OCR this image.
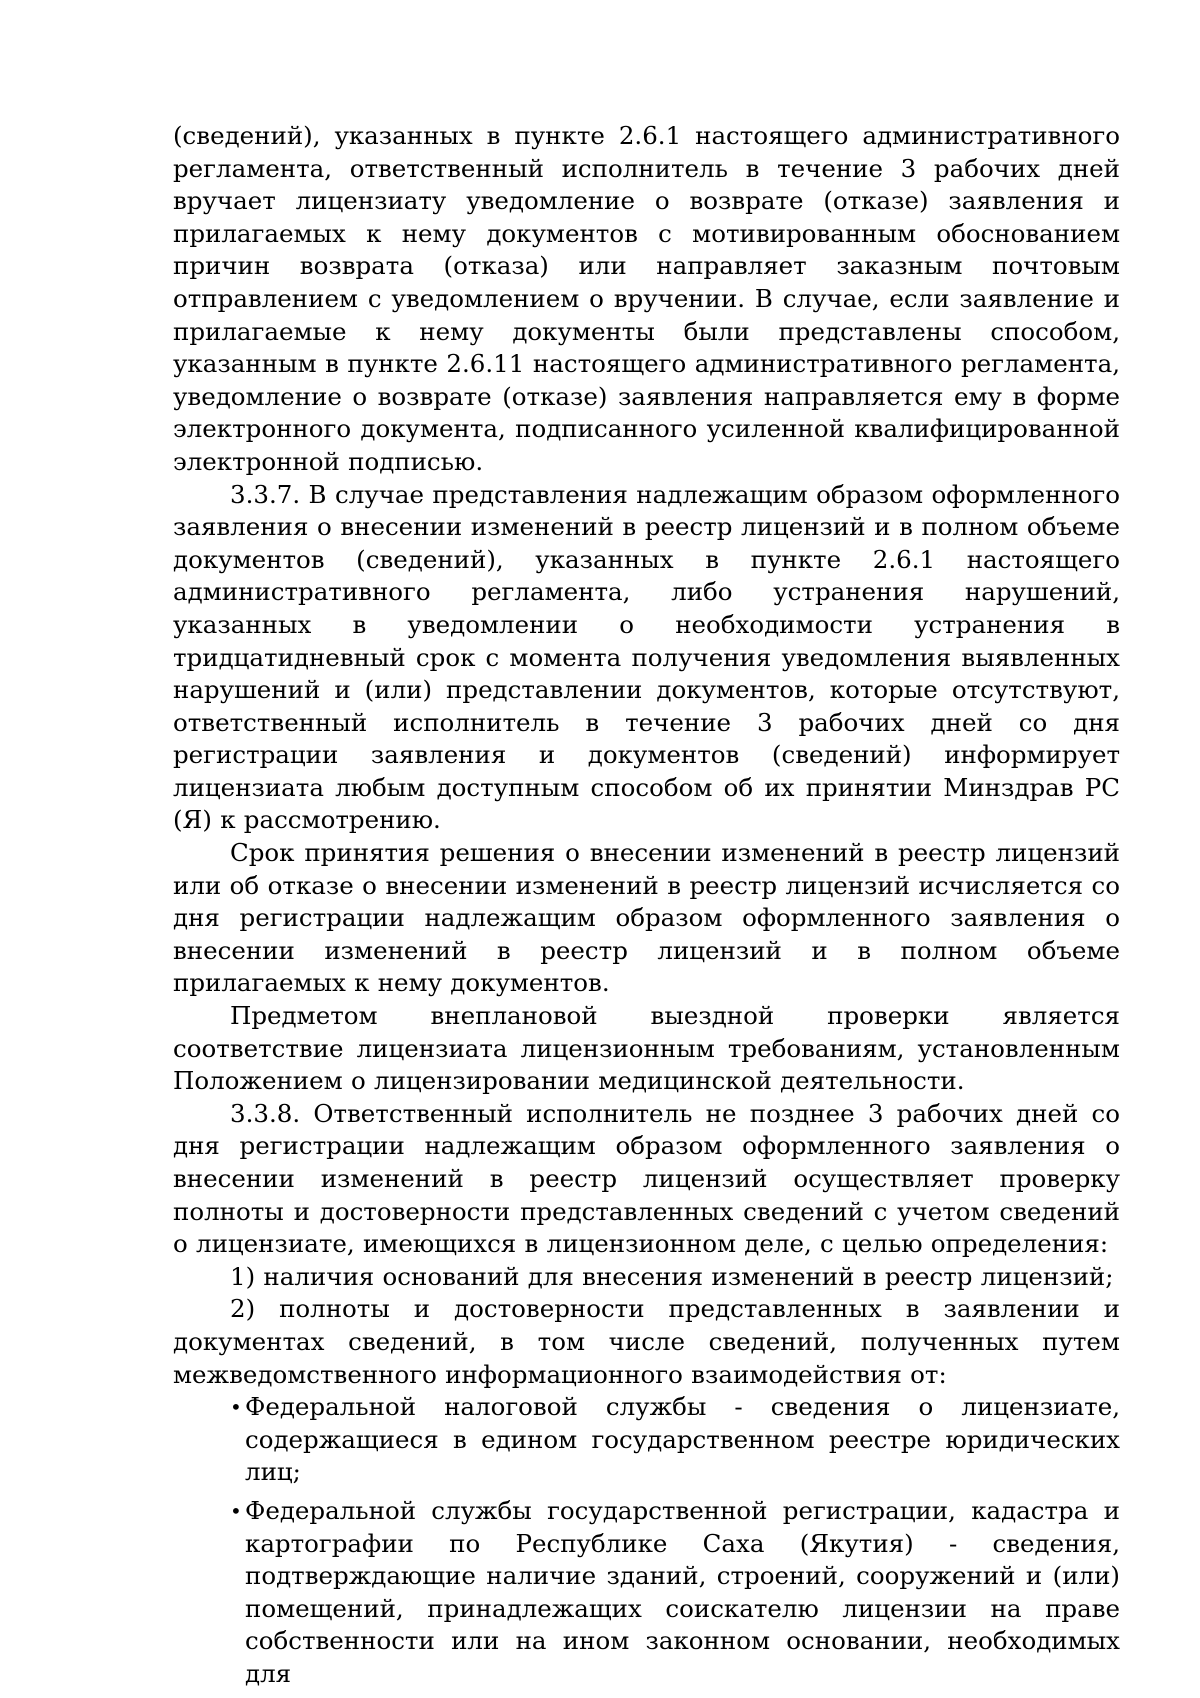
(сведений), указанных в пункте 2.6.1 настоящего административного регламента, ответственный исполнитель в течение 3 рабочих дней вручает лицензиату уведомление о возврате (отказе) заявления и прилагаемых к нему документов с мотивированным обоснованием причин возврата (отказа) или направляет заказным почтовым отправлением с уведомлением о вручении. В случае, если заявление и прилагаемые к нему документы были представлены способом, указанным в пункте 2.6.11 настоящего административного регламента, уведомление о возврате (отказе) заявления направляется ему в форме электронного документа, подписанного усиленной квалифицированной электронной подписью.

3.3.7. В случае представления надлежащим образом оформленного заявления о внесении изменений в реестр лицензий и в полном объеме документов (сведений), указанных в пункте 2.6.1 настоящего административного регламента, либо устранения нарушений, указанных в уведомлении о необходимости устранения в тридцатидневный срок с момента получения уведомления выявленных нарушений и (или) представлении документов, которые отсутствуют, ответственный исполнитель в течение 3 рабочих дней со дня регистрации заявления и документов (сведений) информирует лицензиата любым доступным способом об их принятии Минздрав РС (Я) к рассмотрению.

Срок принятия решения о внесении изменений в реестр лицензий или об отказе о внесении изменений в реестр лицензий исчисляется со дня регистрации надлежащим образом оформленного заявления о внесении изменений в реестр лицензий и в полном объеме прилагаемых к нему документов.

Предметом внеплановой выездной проверки является соответствие лицензиата лицензионным требованиям, установленным Положением о лицензировании медицинской деятельности.

3.3.8. Ответственный исполнитель не позднее 3 рабочих дней со дня регистрации надлежащим образом оформленного заявления о внесении изменений в реестр лицензий осуществляет проверку полноты и достоверности представленных сведений с учетом сведений о лицензиате, имеющихся в лицензионном деле, с целью определения:

1) наличия оснований для внесения изменений в реестр лицензий;

2) полноты и достоверности представленных в заявлении и документах сведений, в том числе сведений, полученных путем межведомственного информационного взаимодействия от:

• Федеральной налоговой службы - сведения о лицензиате, содержащиеся в едином государственном реестре юридических лиц;
• Федеральной службы государственной регистрации, кадастра и картографии по Республике Саха (Якутия) - сведения, подтверждающие наличие зданий, строений, сооружений и (или) помещений, принадлежащих соискателю лицензии на праве собственности или на ином законном основании, необходимых для
